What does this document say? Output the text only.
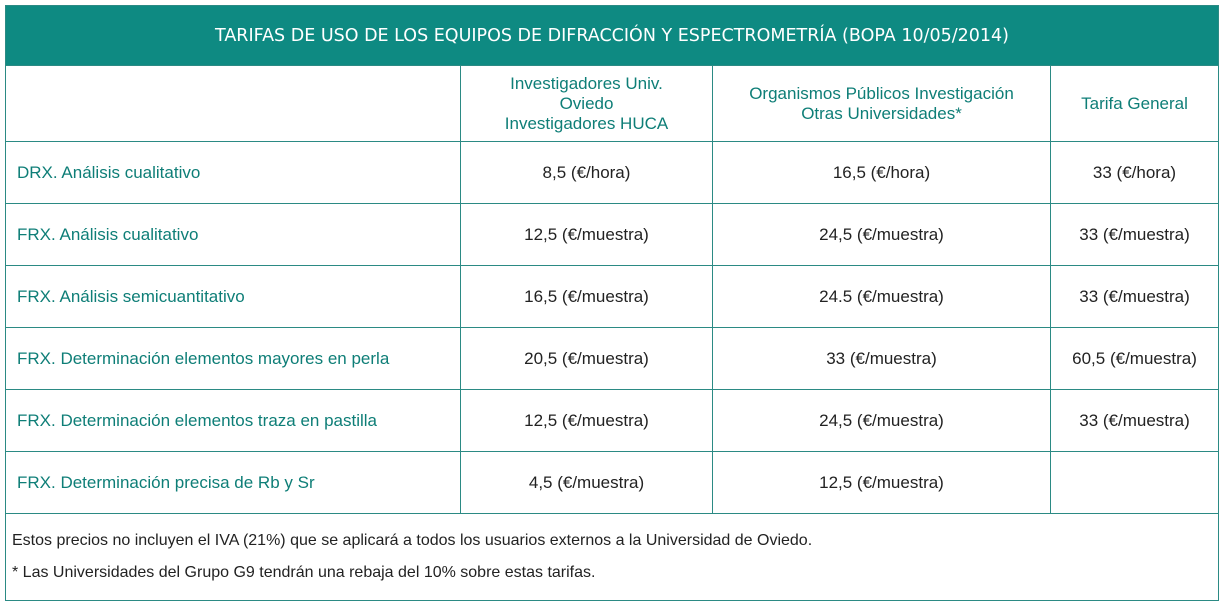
TARIFAS DE USO DE LOS EQUIPOS DE DIFRACCIÓN Y ESPECTROMETRÍA (BOPA 10/05/2014)			

	Investigadores Univ.
Oviedo
Investigadores HUCA	Organismos Públicos Investigación
Otras Universidades*	Tarifa General

DRX. Análisis cualitativo	8,5 (€/hora)	16,5 (€/hora)	33 (€/hora)
FRX. Análisis cualitativo	12,5 (€/muestra)	24,5 (€/muestra)	33 (€/muestra)
FRX. Análisis semicuantitativo	16,5 (€/muestra)	24.5 (€/muestra)	33 (€/muestra)
FRX. Determinación elementos mayores en perla	20,5 (€/muestra)	33 (€/muestra)	60,5 (€/muestra)
FRX. Determinación elementos traza en pastilla	12,5 (€/muestra)	24,5 (€/muestra)	33 (€/muestra)
FRX. Determinación precisa de Rb y Sr	4,5 (€/muestra)	12,5 (€/muestra)	

Estos precios no incluyen el IVA (21%) que se aplicará a todos los usuarios externos a la Universidad de Oviedo.

* Las Universidades del Grupo G9 tendrán una rebaja del 10% sobre estas tarifas.			
